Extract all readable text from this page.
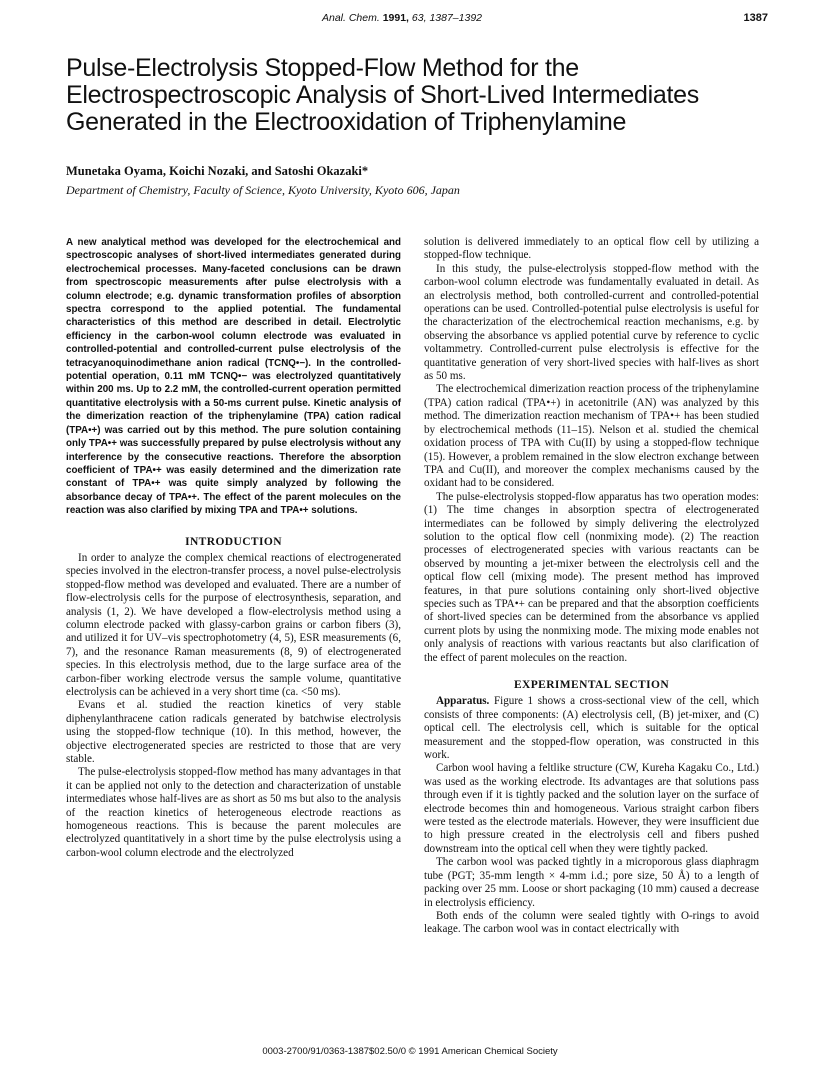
Anal. Chem. 1991, 63, 1387–1392	1387
Pulse-Electrolysis Stopped-Flow Method for the Electrospectroscopic Analysis of Short-Lived Intermediates Generated in the Electrooxidation of Triphenylamine
Munetaka Oyama, Koichi Nozaki, and Satoshi Okazaki*
Department of Chemistry, Faculty of Science, Kyoto University, Kyoto 606, Japan

A new analytical method was developed for the electrochemical and spectroscopic analyses of short-lived intermediates generated during electrochemical processes. Many-faceted conclusions can be drawn from spectroscopic measurements after pulse electrolysis with a column electrode; e.g. dynamic transformation profiles of absorption spectra correspond to the applied potential. The fundamental characteristics of this method are described in detail. Electrolytic efficiency in the carbon-wool column electrode was evaluated in controlled-potential and controlled-current pulse electrolysis of the tetracyanoquinodimethane anion radical (TCNQ•−). In the controlled-potential operation, 0.11 mM TCNQ•− was electrolyzed quantitatively within 200 ms. Up to 2.2 mM, the controlled-current operation permitted quantitative electrolysis with a 50-ms current pulse. Kinetic analysis of the dimerization reaction of the triphenylamine (TPA) cation radical (TPA•+) was carried out by this method. The pure solution containing only TPA•+ was successfully prepared by pulse electrolysis without any interference by the consecutive reactions. Therefore the absorption coefficient of TPA•+ was easily determined and the dimerization rate constant of TPA•+ was quite simply analyzed by following the absorbance decay of TPA•+. The effect of the parent molecules on the reaction was also clarified by mixing TPA and TPA•+ solutions.

INTRODUCTION

In order to analyze the complex chemical reactions of electrogenerated species involved in the electron-transfer process, a novel pulse-electrolysis stopped-flow method was developed and evaluated. There are a number of flow-electrolysis cells for the purpose of electrosynthesis, separation, and analysis (1, 2). We have developed a flow-electrolysis method using a column electrode packed with glassy-carbon grains or carbon fibers (3), and utilized it for UV–vis spectrophotometry (4, 5), ESR measurements (6, 7), and the resonance Raman measurements (8, 9) of electrogenerated species. In this electrolysis method, due to the large surface area of the carbon-fiber working electrode versus the sample volume, quantitative electrolysis can be achieved in a very short time (ca. <50 ms).

Evans et al. studied the reaction kinetics of very stable diphenylanthracene cation radicals generated by batchwise electrolysis using the stopped-flow technique (10). In this method, however, the objective electrogenerated species are restricted to those that are very stable.

The pulse-electrolysis stopped-flow method has many advantages in that it can be applied not only to the detection and characterization of unstable intermediates whose half-lives are as short as 50 ms but also to the analysis of the reaction kinetics of heterogeneous electrode reactions as homogeneous reactions. This is because the parent molecules are electrolyzed quantitatively in a short time by the pulse electrolysis using a carbon-wool column electrode and the electrolyzed

solution is delivered immediately to an optical flow cell by utilizing a stopped-flow technique.

In this study, the pulse-electrolysis stopped-flow method with the carbon-wool column electrode was fundamentally evaluated in detail. As an electrolysis method, both controlled-current and controlled-potential operations can be used. Controlled-potential pulse electrolysis is useful for the characterization of the electrochemical reaction mechanisms, e.g. by observing the absorbance vs applied potential curve by reference to cyclic voltammetry. Controlled-current pulse electrolysis is effective for the quantitative generation of very short-lived species with half-lives as short as 50 ms.

The electrochemical dimerization reaction process of the triphenylamine (TPA) cation radical (TPA•+) in acetonitrile (AN) was analyzed by this method. The dimerization reaction mechanism of TPA•+ has been studied by electrochemical methods (11–15). Nelson et al. studied the chemical oxidation process of TPA with Cu(II) by using a stopped-flow technique (15). However, a problem remained in the slow electron exchange between TPA and Cu(II), and moreover the complex mechanisms caused by the oxidant had to be considered.

The pulse-electrolysis stopped-flow apparatus has two operation modes: (1) The time changes in absorption spectra of electrogenerated intermediates can be followed by simply delivering the electrolyzed solution to the optical flow cell (nonmixing mode). (2) The reaction processes of electrogenerated species with various reactants can be observed by mounting a jet-mixer between the electrolysis cell and the optical flow cell (mixing mode). The present method has improved features, in that pure solutions containing only short-lived objective species such as TPA•+ can be prepared and that the absorption coefficients of short-lived species can be determined from the absorbance vs applied current plots by using the nonmixing mode. The mixing mode enables not only analysis of reactions with various reactants but also clarification of the effect of parent molecules on the reaction.

EXPERIMENTAL SECTION

Apparatus. Figure 1 shows a cross-sectional view of the cell, which consists of three components: (A) electrolysis cell, (B) jet-mixer, and (C) optical cell. The electrolysis cell, which is suitable for the optical measurement and the stopped-flow operation, was constructed in this work.

Carbon wool having a feltlike structure (CW, Kureha Kagaku Co., Ltd.) was used as the working electrode. Its advantages are that solutions pass through even if it is tightly packed and the solution layer on the surface of electrode becomes thin and homogeneous. Various straight carbon fibers were tested as the electrode materials. However, they were insufficient due to high pressure created in the electrolysis cell and fibers pushed downstream into the optical cell when they were tightly packed.

The carbon wool was packed tightly in a microporous glass diaphragm tube (PGT; 35-mm length × 4-mm i.d.; pore size, 50 Å) to a length of packing over 25 mm. Loose or short packaging (10 mm) caused a decrease in electrolysis efficiency.

Both ends of the column were sealed tightly with O-rings to avoid leakage. The carbon wool was in contact electrically with

0003-2700/91/0363-1387$02.50/0 © 1991 American Chemical Society
